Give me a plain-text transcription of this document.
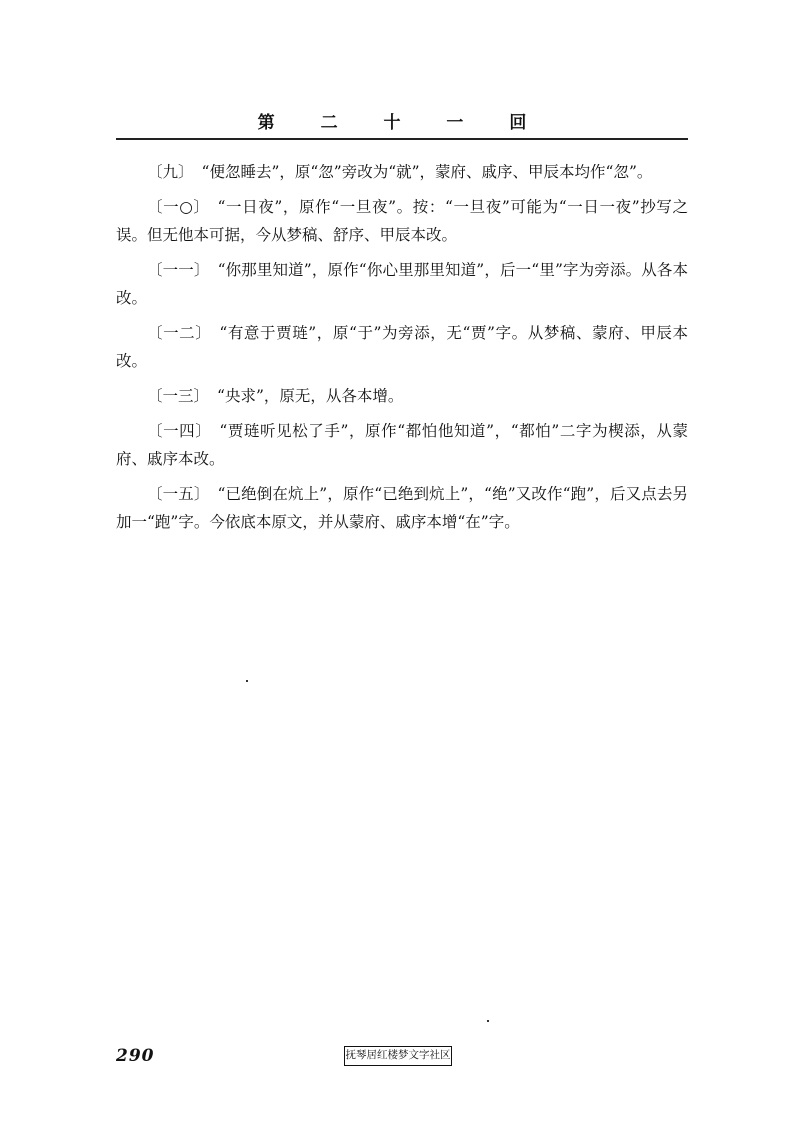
第 二 十 一 回

〔九〕 “便忽睡去”，原“忽”旁改为“就”，蒙府、戚序、甲辰本均作“忽”。

〔一○〕 “一日夜”，原作“一旦夜”。按：“一旦夜”可能为“一日一夜”抄写之误。但无他本可据，今从梦稿、舒序、甲辰本改。

〔一一〕 “你那里知道”，原作“你心里那里知道”，后一“里”字为旁添。从各本改。

〔一二〕 “有意于贾琏”，原“于”为旁添，无“贾”字。从梦稿、蒙府、甲辰本改。

〔一三〕 “央求”，原无，从各本增。

〔一四〕 “贾琏听见松了手”，原作“都怕他知道”，“都怕”二字为楔添，从蒙府、戚序本改。

〔一五〕 “已绝倒在炕上”，原作“已绝到炕上”，“绝”又改作“跑”，后又点去另加一“跑”字。今依底本原文，并从蒙府、戚序本增“在”字。

290	抚琴居红楼梦文字社区
